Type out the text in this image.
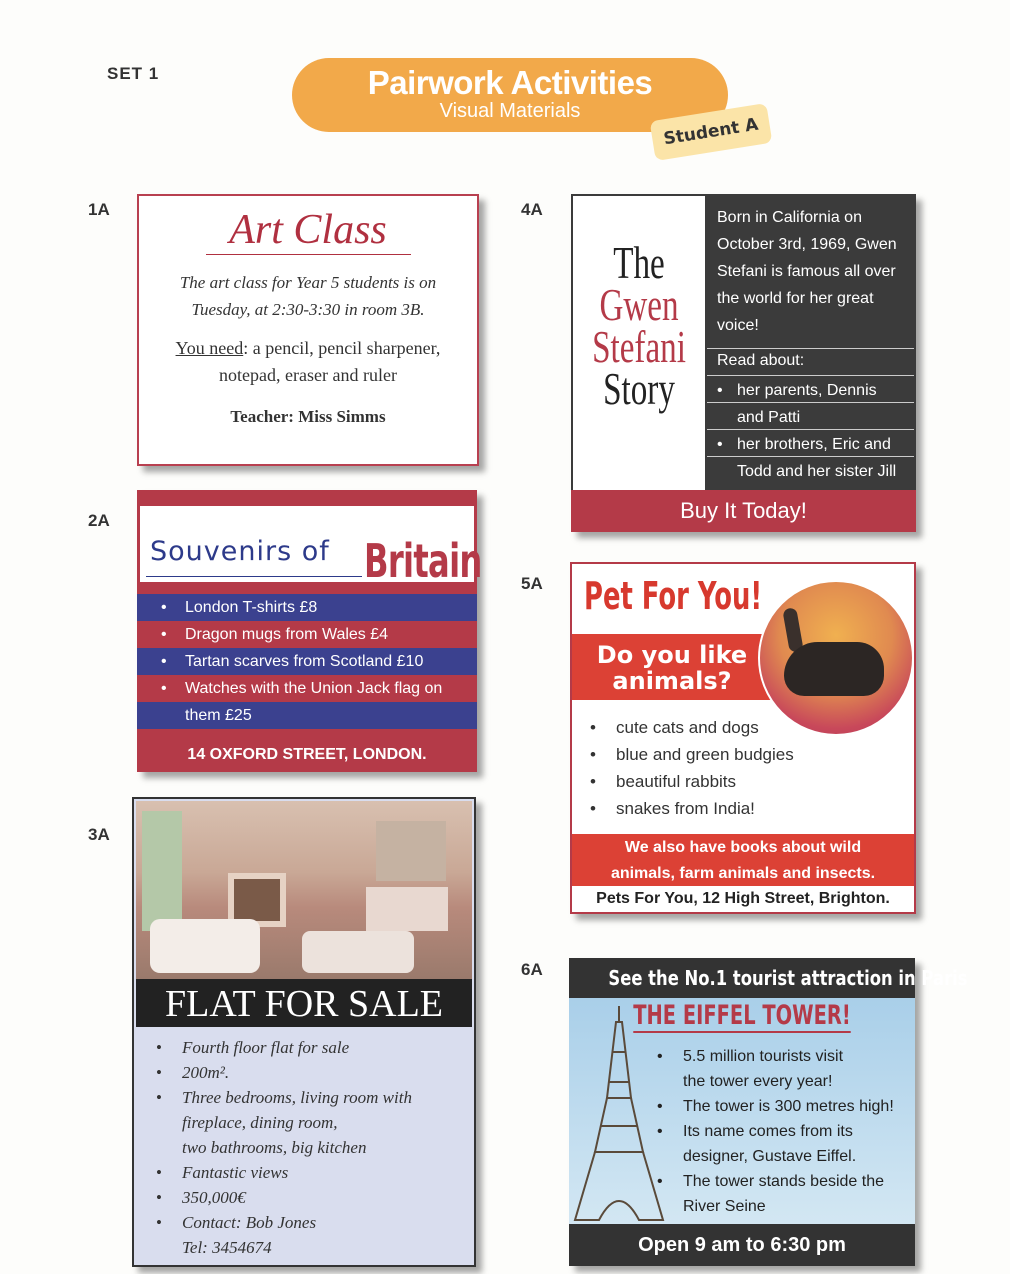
SET 1	Pairwork Activities
Visual Materials
Student A
1A
2A
3A
4A
5A
6A
Art Class
The art class for Year 5 students is on
Tuesday, at 2:30-3:30 in room 3B.
You need: a pencil, pencil sharpener,
notepad, eraser and ruler
Teacher: Miss Simms
Souvenirs of Britain
• London T-shirts £8
• Dragon mugs from Wales £4
• Tartan scarves from Scotland £10
• Watches with the Union Jack flag on
them £25
14 OXFORD STREET, LONDON.
FLAT FOR SALE
• Fourth floor flat for sale
• 200m².
• Three bedrooms, living room with
fireplace, dining room,
two bathrooms, big kitchen
• Fantastic views
• 350,000€
• Contact: Bob Jones
Tel: 3454674
The
Gwen
Stefani
Story
Born in California on
October 3rd, 1969, Gwen
Stefani is famous all over
the world for her great
voice!
Read about:
• her parents, Dennis
and Patti
• her brothers, Eric and
Todd and her sister Jill
Buy It Today!
Pet For You!
Do you like
animals?
• cute cats and dogs
• blue and green budgies
• beautiful rabbits
• snakes from India!
We also have books about wild
animals, farm animals and insects.
Pets For You, 12 High Street, Brighton.
See the No.1 tourist attraction in Paris
THE EIFFEL TOWER!
• 5.5 million tourists visit
the tower every year!
• The tower is 300 metres high!
• Its name comes from its
designer, Gustave Eiffel.
• The tower stands beside the
River Seine
Open 9 am to 6:30 pm
